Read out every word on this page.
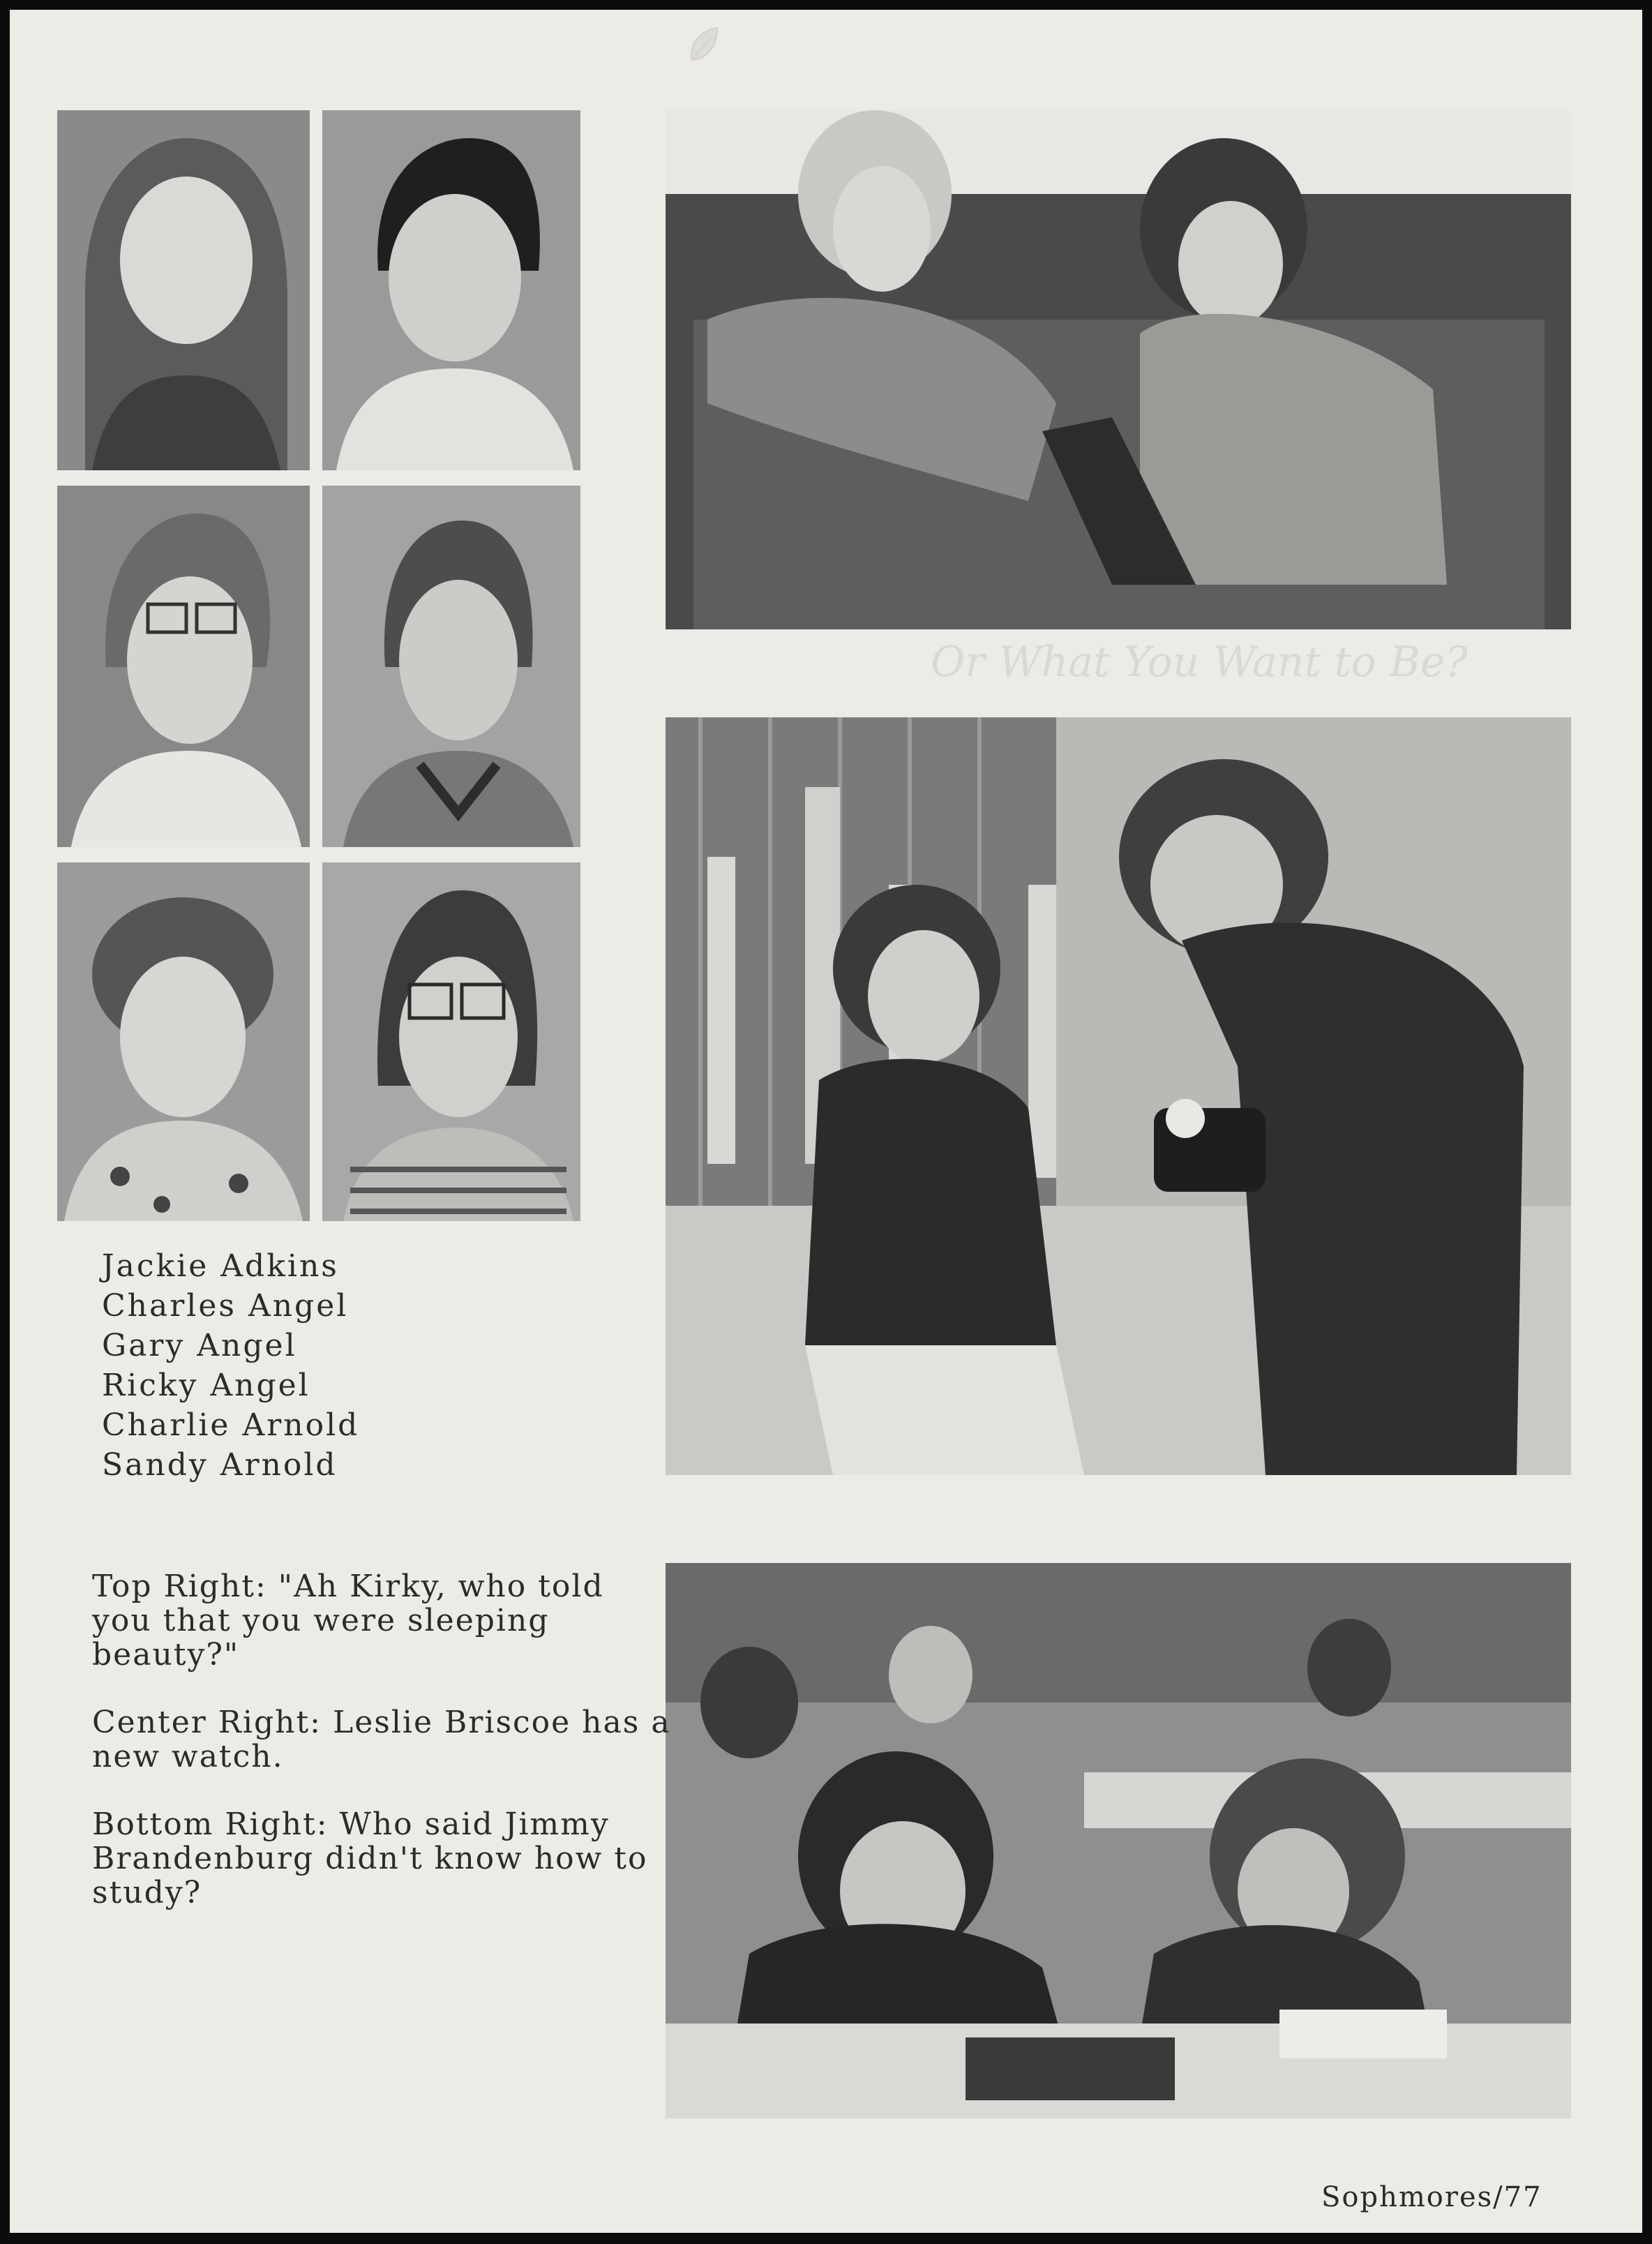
Or What You Want to Be?
Jackie Adkins
Charles Angel
Gary Angel
Ricky Angel
Charlie Arnold
Sandy Arnold

Top Right: "Ah Kirky, who told you that you were sleeping beauty?"

Center Right: Leslie Briscoe has a new watch.

Bottom Right: Who said Jimmy Brandenburg didn't know how to study?

Sophmores/77
